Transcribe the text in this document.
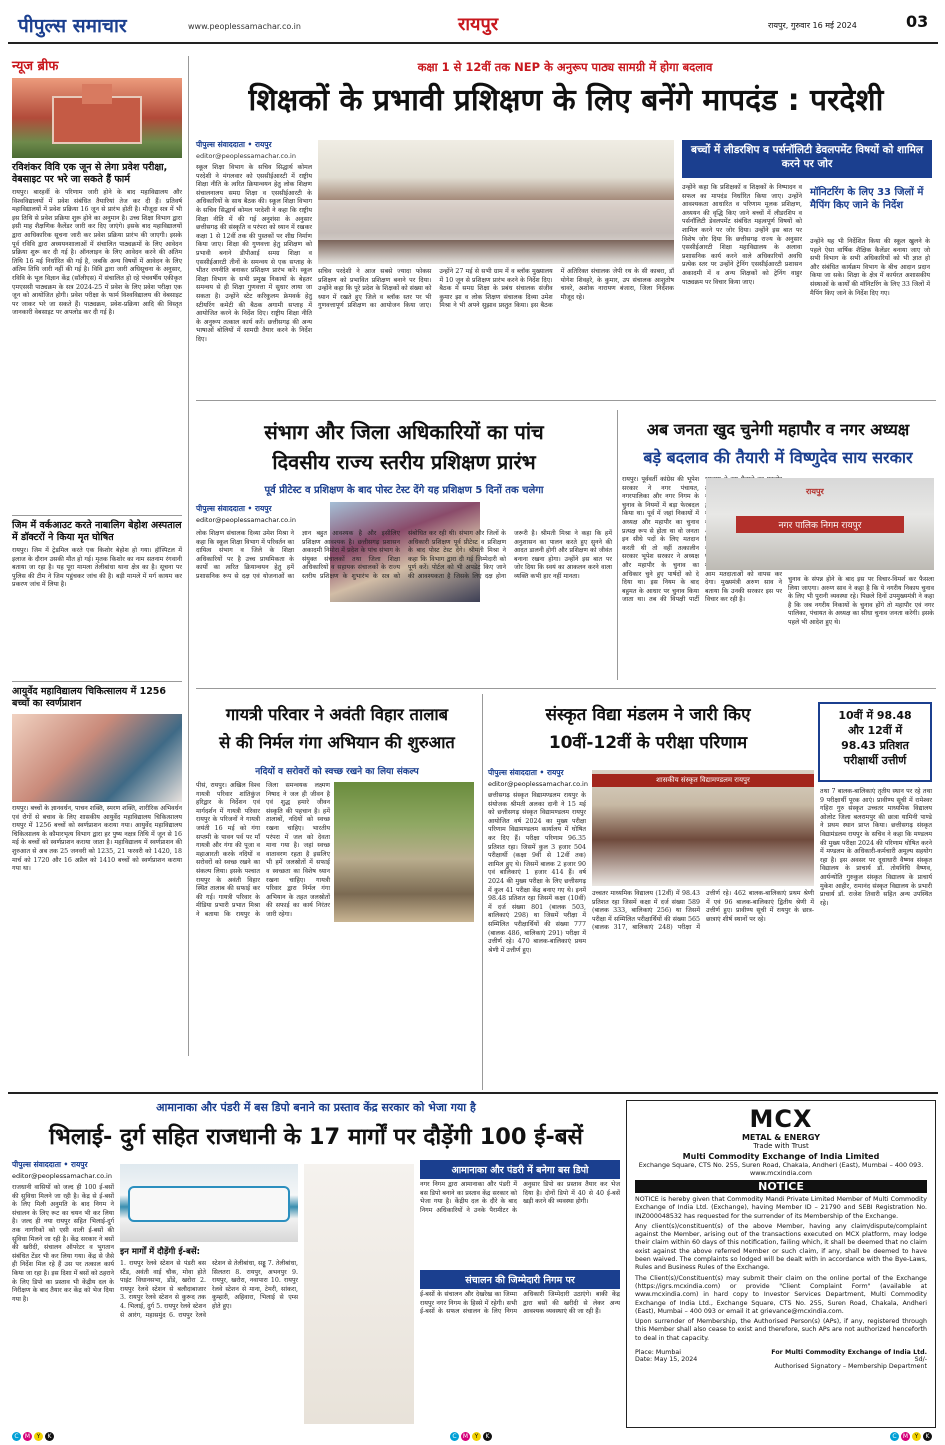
पीपुल्स समाचार	www.peoplessamachar.co.in	रायपुर	रायपुर, गुरुवार 16 मई 2024	03
न्यूज ब्रीफ
रविशंकर विवि एक जून से लेगा प्रवेश परीक्षा, वेबसाइट पर भरे जा सकते हैं फार्म
रायपुर। बारहवीं के परिणाम जारी होने के बाद महाविद्यालय और विश्वविद्यालयों में प्रवेश संबंधित तैयारियां तेज कर दी हैं। प्रतिवर्ष महाविद्यालयों में प्रवेश प्रक्रिया 16 जून से प्रारंभ होती है। मौजूदा सत्र में भी इस तिथि से प्रवेश प्रक्रिया शुरू होने का अनुमान है। उच्च शिक्षा विभाग द्वारा इसी माह शैक्षणिक कैलेंडर जारी कर दिए जाएंगे। इसके बाद महाविद्यालयों द्वारा आधिकारिक सूचना जारी कर प्रवेश प्रक्रिया प्रारंभ की जाएगी। इसके पूर्व रविवि द्वारा अध्ययनशालाओं में संचालित पाठ्यक्रमों के लिए आवेदन प्रक्रिया शुरू कर दी गई है। ऑनलाइन के लिए आवेदन करने की अंतिम तिथि 16 मई निर्धारित की गई है, जबकि अन्य विषयों में आवेदन के लिए अंतिम तिथि जारी नहीं की गई है। विवि द्वारा जारी अधिसूचना के अनुसार, रविवि के भूल विज्ञान केंद्र (सॉलीएस) में संचालित हो रहे पंचवर्षीय एकीकृत एमएससी पाठ्यक्रम के सत्र 2024-25 में प्रवेश के लिए प्रवेश परीक्षा एक जून को आयोजित होगी। प्रवेश परीक्षा के फार्म विश्वविद्यालय की वेबसाइट पर जाकर भरे जा सकते हैं। पाठ्यक्रम, प्रवेश-प्रक्रिया आदि की विस्तृत जानकारी वेबसाइट पर अपलोड कर दी गई है।
जिम में वर्कआउट करते नाबालिग बेहोश अस्पताल में डॉक्टरों ने किया मृत घोषित
रायपुर। जिम में ट्रेडमिल करते एक किशोर बेहोश हो गया। हॉस्पिटल में इलाज के दौरान उसकी मौत हो गई। मृतक किशोर का नाम सतनाम रंगवानी बताया जा रहा है। यह पूरा मामला तेलीबांधा थाना क्षेत्र का है। सूचना पर पुलिस की टीम ने जिम पहुंचकर जांच की है। बड़ी मामले में मर्ग कायम कर प्रकरण जांच में लिया है।
आयुर्वेद महाविद्यालय चिकित्सालय में 1256 बच्चों का स्वर्णप्राशन
रायपुर। बच्चों के ज्ञानवर्धन, पाचन शक्ति, स्मरण शक्ति, शारीरिक अभिवर्धन एवं रोगों से बचाव के लिए शासकीय आयुर्वेद महाविद्यालय चिकित्सालय रायपुर में 1256 बच्चों को स्वर्णप्राशन कराया गया। आयुर्वेद महाविद्यालय चिकित्सालय के कौमारभृत्य विभाग द्वारा हर पुष्य नक्षत्र तिथि में जून से 16 मई के बच्चों को स्वर्णप्राशन कराया जाता है। महाविद्यालय में स्वर्णप्राशन की शुरुआत से अब तक 25 जनवरी को 1235, 21 फरवरी को 1420, 18 मार्च को 1720 और 16 अप्रैल को 1410 बच्चों को स्वर्णप्राशन कराया गया था।
कक्षा 1 से 12वीं तक NEP के अनुरूप पाठ्य सामग्री में होगा बदलाव
शिक्षकों के प्रभावी प्रशिक्षण के लिए बनेंगे मापदंड : परदेशी
पीपुल्स संवाददाता • रायपुर
editor@peoplessamachar.co.in
स्कूल शिक्षा विभाग के सचिव सिद्धार्थ कोमल परदेशी ने मंगलवार को एससीईआरटी में राष्ट्रीय शिक्षा नीति के त्वरित क्रियान्वयन हेतु लोक शिक्षण संचालनालय समग्र शिक्षा व एससीईआरटी के अधिकारियों के साथ बैठक की। स्कूल शिक्षा विभाग के सचिव सिद्धार्थ कोमल परदेशी ने कहा कि राष्ट्रीय शिक्षा नीति में की गई अनुशंसा के अनुसार छत्तीसगढ़ की संस्कृति व परंपरा को ध्यान में रखकर कक्षा 1 से 12वीं तक की पुस्तकों पर शीघ्र निर्माण किया जाए। शिक्षा की गुणवत्ता हेतु प्रशिक्षण को प्रभावी बनाने डीपीआई समग्र शिक्षा व एससीईआरटी तीनों के समन्वय से एक सप्ताह के भीतर रणनीति बनाकर प्रशिक्षण प्रारंभ करें। स्कूल शिक्षा विभाग के सभी प्रमुख निकायों के बेहतर समन्वय से ही शिक्षा गुणवत्ता में सुधार लाया जा सकता है। उन्होंने स्टेट करिकुलम फ्रेमवर्क हेतु स्टीयरिंग कमेटी की बैठक अगामी सप्ताह में आयोजित करने के निर्देश दिए। राष्ट्रीय शिक्षा नीति के अनुरूप तत्काल कार्य करें। छत्तीसगढ़ की अन्य भाषाओं बोलियों में सामग्री तैयार करने के निर्देश दिए।
सचिव परदेशी ने आज सबसे ज्यादा फोकस प्रशिक्षण को प्रभावित प्रशिक्षण बनाने पर दिया। उन्होंने कहा कि पूरे प्रदेश के शिक्षकों को संख्या को ध्यान में रखते हुए जिले व ब्लॉक स्तर पर भी गुणवत्तापूर्ण प्रशिक्षण का आयोजन किया जाए। उन्होंने 27 मई से सभी ग्राम में व ब्लॉक मुख्यालय में 10 जून से प्रशिक्षण प्रारंभ करने के निर्देश दिए। बैठक में समग्र शिक्षा के प्रबंध संचालक संजीव कुमार झा व लोक शिक्षण संचालक दिव्या उमेश मिश्रा ने भी अपने सुझाव प्रस्तुत किया। इस बैठक में अतिरिक्त संचालक जेपी रथ के सी काबरा, डॉ योगेश शिवहरे, के कुमार, उप संचालक आशुतोष चावरे, अशोक नारायण बंजारा, जिला निर्देशक मौजूद रहे।
बच्चों में लीडरशिप व पर्सनॉलिटी डेवलपमेंट विषयों को शामिल करने पर जोर
उन्होंने कहा कि प्रशिक्षकों व शिक्षकों के निष्पादन व सफल का मापदंड निर्धारित किया जाए। उन्होंने आवश्यकता आधारित व परिणाम मूलक प्रशिक्षण, अध्ययन की वृद्धि किए जाने बच्चों में लीडरशिप व पर्सनॉलिटी डेवलपमेंट संबंधित महत्वपूर्ण विषयों को शामिल करने पर जोर दिया। उन्होंने इस बात पर विशेष जोर दिया कि छत्तीसगढ़ राज्य के अनुसार एससीईआरटी शिक्षा महाविद्यालय के अलावा प्रशासनिक कार्य करने वाले अधिकारियों अवधि प्रत्येक स्तर पर उन्होंने ट्रेनिंग एससीईआरटी प्रशासन अकादमी में व अन्य शिक्षकों को ट्रेनिंग वाहुर पाठ्यक्रम पर विचार किया जाए।
मॉनिटरिंग के लिए 33 जिलों में मैपिंग किए जाने के निर्देश
उन्होंने यह भी निर्देशित किया की स्कूल खुलने के पहले ऐसा वार्षिक शैक्षिक कैलेंडर बनाया जाए जो सभी विभाग के सभी अधिकारियों को भी ज्ञात हो और संबंधित कार्यक्रम विभाग के बीच आदान प्रदान किया जा सके। शिक्षा के क्षेत्र में कार्यरत अशासकीय संस्थाओं के कार्यों की मॉनिटरिंग के लिए 33 जिलों में मैपिंग किए जाने के निर्देश दिए गए।
संभाग और जिला अधिकारियों का पांच
दिवसीय राज्य स्तरीय प्रशिक्षण प्रारंभ
पूर्व प्रीटेस्ट व प्रशिक्षण के बाद पोस्ट टेस्ट देंगे यह प्रशिक्षण 5 दिनों तक चलेगा
पीपुल्स संवाददाता • रायपुर
editor@peoplessamachar.co.in
लोक शिक्षण संचालक दिव्या उमेश मिश्रा ने कहा कि स्कूल शिक्षा विभाग में परिवर्तन का दायित्व संभाग व जिले के शिक्षा अधिकारियों पर है उच्च प्राथमिकता के कार्यों का त्वरित क्रियान्वयन हेतु हमें प्रशासनिक रूप से दक्ष एवं योजनाओं का ज्ञान बहुत आवश्यक है और इसीलिए प्रशिक्षण आवश्यक है। छत्तीसगढ़ प्रशासन अकादमी निमोरा में प्रदेश के पांच संभाग के संयुक्त संचालकों तथा जिला शिक्षा अधिकारियों व सहायक संचालकों के राज्य स्तरीय प्रशिक्षण के शुभारंभ के सत्र को संबोधित कर रही थी। संभाग और जिलों के अधिकारी प्रशिक्षण पूर्व प्रीटेस्ट व प्रशिक्षण के बाद पोस्ट टेस्ट देंगे। श्रीमती मिश्रा ने कहा कि विभाग द्वारा दी गई जिम्मेदारी को पूर्ण करें। पोर्टल को भी अपडेट किए जाने की आवश्यकता है जिसके लिए दक्ष होना जरूरी है। श्रीमती मिश्रा ने कहा कि हमें अनुशासन का पालन करते हुए सुनने की आदत डालनी होगी और प्रशिक्षण को जीवंत बनाना रखना होगा। उन्होंने इस बात पर जोर दिया कि स्वयं का आकलन करने वाला व्यक्ति कभी हार नहीं मानता।
अब जनता खुद चुनेगी महापौर व नगर अध्यक्ष
बड़े बदलाव की तैयारी में विष्णुदेव साय सरकार
रायपुर। पूर्ववर्ती कांग्रेस की भूपेश सरकार ने नगर पंचायत, नगरपालिका और नगर निगम के चुनाव के नियमों में बड़ा फेरबदल किया था। पूर्व में जहां निकायों में अध्यक्ष और महापौर का चुनाव प्रत्यक्ष रूप से होता था वो जनता इन सीधे पदों के लिए मतदान करती थी तो वहीं तत्कालीन सरकार भूपेश सरकार ने अध्यक्ष और महापौर के चुनाव का अधिकार चुने हुए पार्षदों को दे दिया था। इस नियम के बाद बहुमत के आधार पर चुनाव किया जाता था। तब की विपक्षी पार्टी आम मतदाताओं को वापस कर देगा। मुख्यमंत्री अरुण साव ने बताया कि उनकी सरकार इस पर विचार कर रही है।
रायपुर
नगर पालिक निगम रायपुर
चुनाव के संपन्न होने के बाद इस पर विचार-विमर्श कर फैसला लिया जाएगा। अरुण साव ने कहा है कि ये नगरीय निकाय चुनाव के लिए भी पुरानी व्यवस्था रहे। पिछले दिनों उपमुख्यमंत्री ने कहा है कि जब नगरीय निकायों के चुनाव होंगे तो महापौर एवं नगर पालिका, पंचायत के अध्यक्ष का सीधा चुनाव जनता करेगी। इसके पहले भी आदेश हुए थे।
गायत्री परिवार ने अवंती विहार तालाब
से की निर्मल गंगा अभियान की शुरुआत
नदियों व सरोवरों को स्वच्छ रखने का लिया संकल्प
पीसं, रायपुर। अखिल विश्व गायत्री परिवार शांतिकुंज हरिद्वार के निर्देशन एवं मार्गदर्शन में गायत्री परिवार रायपुर के परिजनों ने गायत्री जयंती 16 मई को गंगा सप्तमी के पावन पर्व पर माँ गायत्री और गंगा की पूजा व महाआरती करके नदियों व सरोवरों को स्वच्छ रखने का संकल्प लिया। इसके पश्चात रायपुर के अवंती विहार स्थित तालाब की सफाई कर की गई। गायत्री परिवार के मीडिया प्रभारी प्रभात मिश्रा ने बताया कि रायपुर के जिला समन्वयक लक्ष्मण निषाद ने जल ही जीवन है एवं शुद्ध हमारे जीवन संस्कृति की पहचान है। हमें तालाबों, नदियों को स्वच्छ रखना चाहिए। भारतीय परंपरा में जल को देवता माना गया है। जहां स्वच्छ वातावरण रहता है इसलिए भी हमें जलस्रोतों में सफाई व स्वच्छता का विशेष ध्यान रखना चाहिए। गायत्री परिवार द्वारा निर्मल गंगा अभियान के तहत जलस्रोतों की सफाई का कार्य निरंतर जारी रहेगा।
संस्कृत विद्या मंडलम ने जारी किए
10वीं-12वीं के परीक्षा परिणाम
10वीं में 98.48
और 12वीं में
98.43 प्रतिशत
परीक्षार्थी उत्तीर्ण
पीपुल्स संवाददाता • रायपुर
editor@peoplessamachar.co.in
छत्तीसगढ़ संस्कृत विद्यामण्डलम रायपुर के संयोजक श्रीमती अलका दानी ने 15 मई को छत्तीसगढ़ संस्कृत विद्यामण्डलम रायपुर आयोजित वर्ष 2024 का मुख्य परीक्षा परिणाम विद्यामण्डलम कार्यालय में घोषित कर दिए हैं। परीक्षा परिणाम 96.35 प्रतिशत रहा। जिसमें कुल 3 हजार 504 परीक्षार्थी (कक्षा 9वीं से 12वीं तक) शामिल हुए थे। जिसमें बालक 2 हजार 90 एवं बालिकाएं 1 हजार 414 हैं। वर्ष 2024 की मुख्य परीक्षा के लिए छत्तीसगढ़ में कुल 41 परीक्षा केंद्र बनाए गए थे। इनमें 98.48 प्रतिशत रहा जिसमें कक्षा (10वीं) में दर्ज संख्या 801 (बालक 503, बालिकाएं 298) था जिसमें परीक्षा में सम्मिलित परीक्षार्थियों की संख्या 777 (बालक 486, बालिकाएं 291) परीक्षा में उत्तीर्ण रहे। 470 बालक-बालिकाएं प्रथम श्रेणी में उत्तीर्ण हुए।
शासकीय संस्कृत विद्यामण्डलम रायपुर
उच्चतर माध्यमिक विद्यालय (12वीं) में 98.43 प्रतिशत रहा जिसमें कक्षा में दर्ज संख्या 589 (बालक 333, बालिकाएं 256) था जिसमें परीक्षा में सम्मिलित परीक्षार्थियों की संख्या 565 (बालक 317, बालिकाएं 248) परीक्षा में उत्तीर्ण रहे। 462 बालक-बालिकाएं प्रथम श्रेणी में एवं 96 बालक-बालिकाएं द्वितीय श्रेणी में उत्तीर्ण हुए। प्रावीण्य सूची में रायपुर के छात्र-छात्राएं शीर्ष स्थानों पर रहे।
तथा 7 बालक-बालिकाएं तृतीय स्थान पर रहे तथा 9 परीक्षार्थी पूरक आएं। प्रावीण्य सूची में रामेश्वर गहिरा गुरु संस्कृत उच्चतर माध्यमिक विद्यालय ओलोट जिला बलरामपुर की छात्रा यामिनी पाण्डे ने प्रथम स्थान प्राप्त किया। छत्तीसगढ़ संस्कृत विद्यामंडलम रायपुर के सचिव ने कहा कि मण्डलम की मुख्य परीक्षा 2024 की परिणाम घोषित करने में मण्डलम के अधिकारी-कर्मचारी अमूल्य सहयोग रहा है। इस अवसर पर दूधाधारी वैष्णव संस्कृत विद्यालय के प्राचार्य डॉ. तोयनिधि वैष्णव, आर्यन्योति गुरुकुल संस्कृत विद्यालय के प्राचार्य मुकेश आहीर, रामानंद संस्कृत विद्यालय के प्रभारी प्राचार्य डॉ. राजेश तिवारी सहित अन्य उपस्थित रहे।
आमानाका और पंडरी में बस डिपो बनाने का प्रस्ताव केंद्र सरकार को भेजा गया है
भिलाई- दुर्ग सहित राजधानी के 17 मार्गों पर दौड़ेंगी 100 ई-बसें
पीपुल्स संवाददाता • रायपुर
editor@peoplessamachar.co.in
राजधानी वासियों को जल्द ही 100 ई-बसों की सुविधा मिलने जा रही है। केंद्र से ई-बसों के लिए मिली अनुमति के बाद निगम ने संचालन के लिए रूट का चयन भी कर लिया है। जल्द ही नया रायपुर सहित भिलाई-दुर्ग तक नागरिकों को एसी वाली ई-बसों की सुविधा मिलने जा रही है। केंद्र सरकार ने बसों की खरीदी, संचालन ऑपरेटर व भुगतान संबंधित टेंडर भी कर लिया गया। केंद्र से जैसे ही निर्देश मिल रहे हैं उस पर तत्काल कार्य किया जा रहा है। इस दिशा में बसों को ठहराने के लिए डिपो का प्रस्ताव भी केंद्रीय दल के निरीक्षण के बाद तैयार कर केंद्र को भेज दिया गया है।
इन मार्गों में दौड़ेंगी ई-बसें:
1. रायपुर रेलवे स्टेशन से पंडरी बस स्टैंड, अवंती वाई चौक, मोवा होते पाइंट विधानसभा, डोंडे, खरोरा 2. रायपुर रेलवे स्टेशन से बलौदाबाजार 3. रायपुर रेलवे स्टेशन से कुरूद तक 4. भिलाई, दुर्ग 5. रायपुर रेलवे स्टेशन से आरंग, महासमुंद 6. रायपुर रेलवे स्टेशन से तेलीबांधा, सड्डू 7. तेलीबांधा, सिलतरा 8. रायपुर, अभनपुर 9. रायपुर, खरोरा, नवापारा 10. रायपुर रेलवे स्टेशन से माना, टेमरी, सांकरा, कुम्हारी, अहिवारा, भिलाई से एम्स होते हुए।
आमानाका और पंडरी में बनेगा बस डिपो
नगर निगम द्वारा आमानाका और पंडरी में बस डिपो बनाने का प्रस्ताव केंद्र सरकार को भेजा गया है। केंद्रीय दल के दौरे के बाद निगम अधिकारियों ने उनके पैरामीटर के अनुसार डिपो का प्रस्ताव तैयार कर भेज दिया है। दोनों डिपो में 40 से 40 ई-बसें खड़ी करने की व्यवस्था होगी।
संचालन की जिम्मेदारी निगम पर
ई-बसों के संचालन और देखरेख का जिम्मा रायपुर नगर निगम के हिस्से में रहेगी। सभी ई-बसों के सफल संचालन के लिए निगम अधिकारी जिम्मेदारी उठाएंगे। बाकी केंद्र द्वारा बसों की खरीदी से लेकर अन्य आवश्यक व्यवस्थाएं की जा रही हैं।
MCX
METAL & ENERGY
Trade with Trust
Multi Commodity Exchange of India Limited
Exchange Square, CTS No. 255, Suren Road, Chakala, Andheri (East), Mumbai – 400 093.
www.mcxindia.com
NOTICE
NOTICE is hereby given that Commodity Mandi Private Limited Member of Multi Commodity Exchange of India Ltd. (Exchange), having Member ID – 21790 and SEBI Registration No. INZ000048532 has requested for the surrender of its Membership of the Exchange.
Any client(s)/constituent(s) of the above Member, having any claim/dispute/complaint against the Member, arising out of the transactions executed on MCX platform, may lodge their claim within 60 days of this notification, failing which, it shall be deemed that no claim exist against the above referred Member or such claim, if any, shall be deemed to have been waived. The complaints so lodged will be dealt with in accordance with the Bye-Laws, Rules and Business Rules of the Exchange.
The Client(s)/Constituent(s) may submit their claim on the online portal of the Exchange (https://igrs.mcxindia.com) or provide "Client Complaint Form" (available at www.mcxindia.com) in hard copy to Investor Services Department, Multi Commodity Exchange of India Ltd., Exchange Square, CTS No. 255, Suren Road, Chakala, Andheri (East), Mumbai – 400 093 or email it at grievance@mcxindia.com.
Upon surrender of Membership, the Authorised Person(s) (APs), if any, registered through this Member shall also cease to exist and therefore, such APs are not authorized henceforth to deal in that capacity.
Place: Mumbai
Date: May 15, 2024
For Multi Commodity Exchange of India Ltd.
Sd/-
Authorised Signatory – Membership Department
C	M	Y	K	C	M	Y	K	C	M	Y	K
